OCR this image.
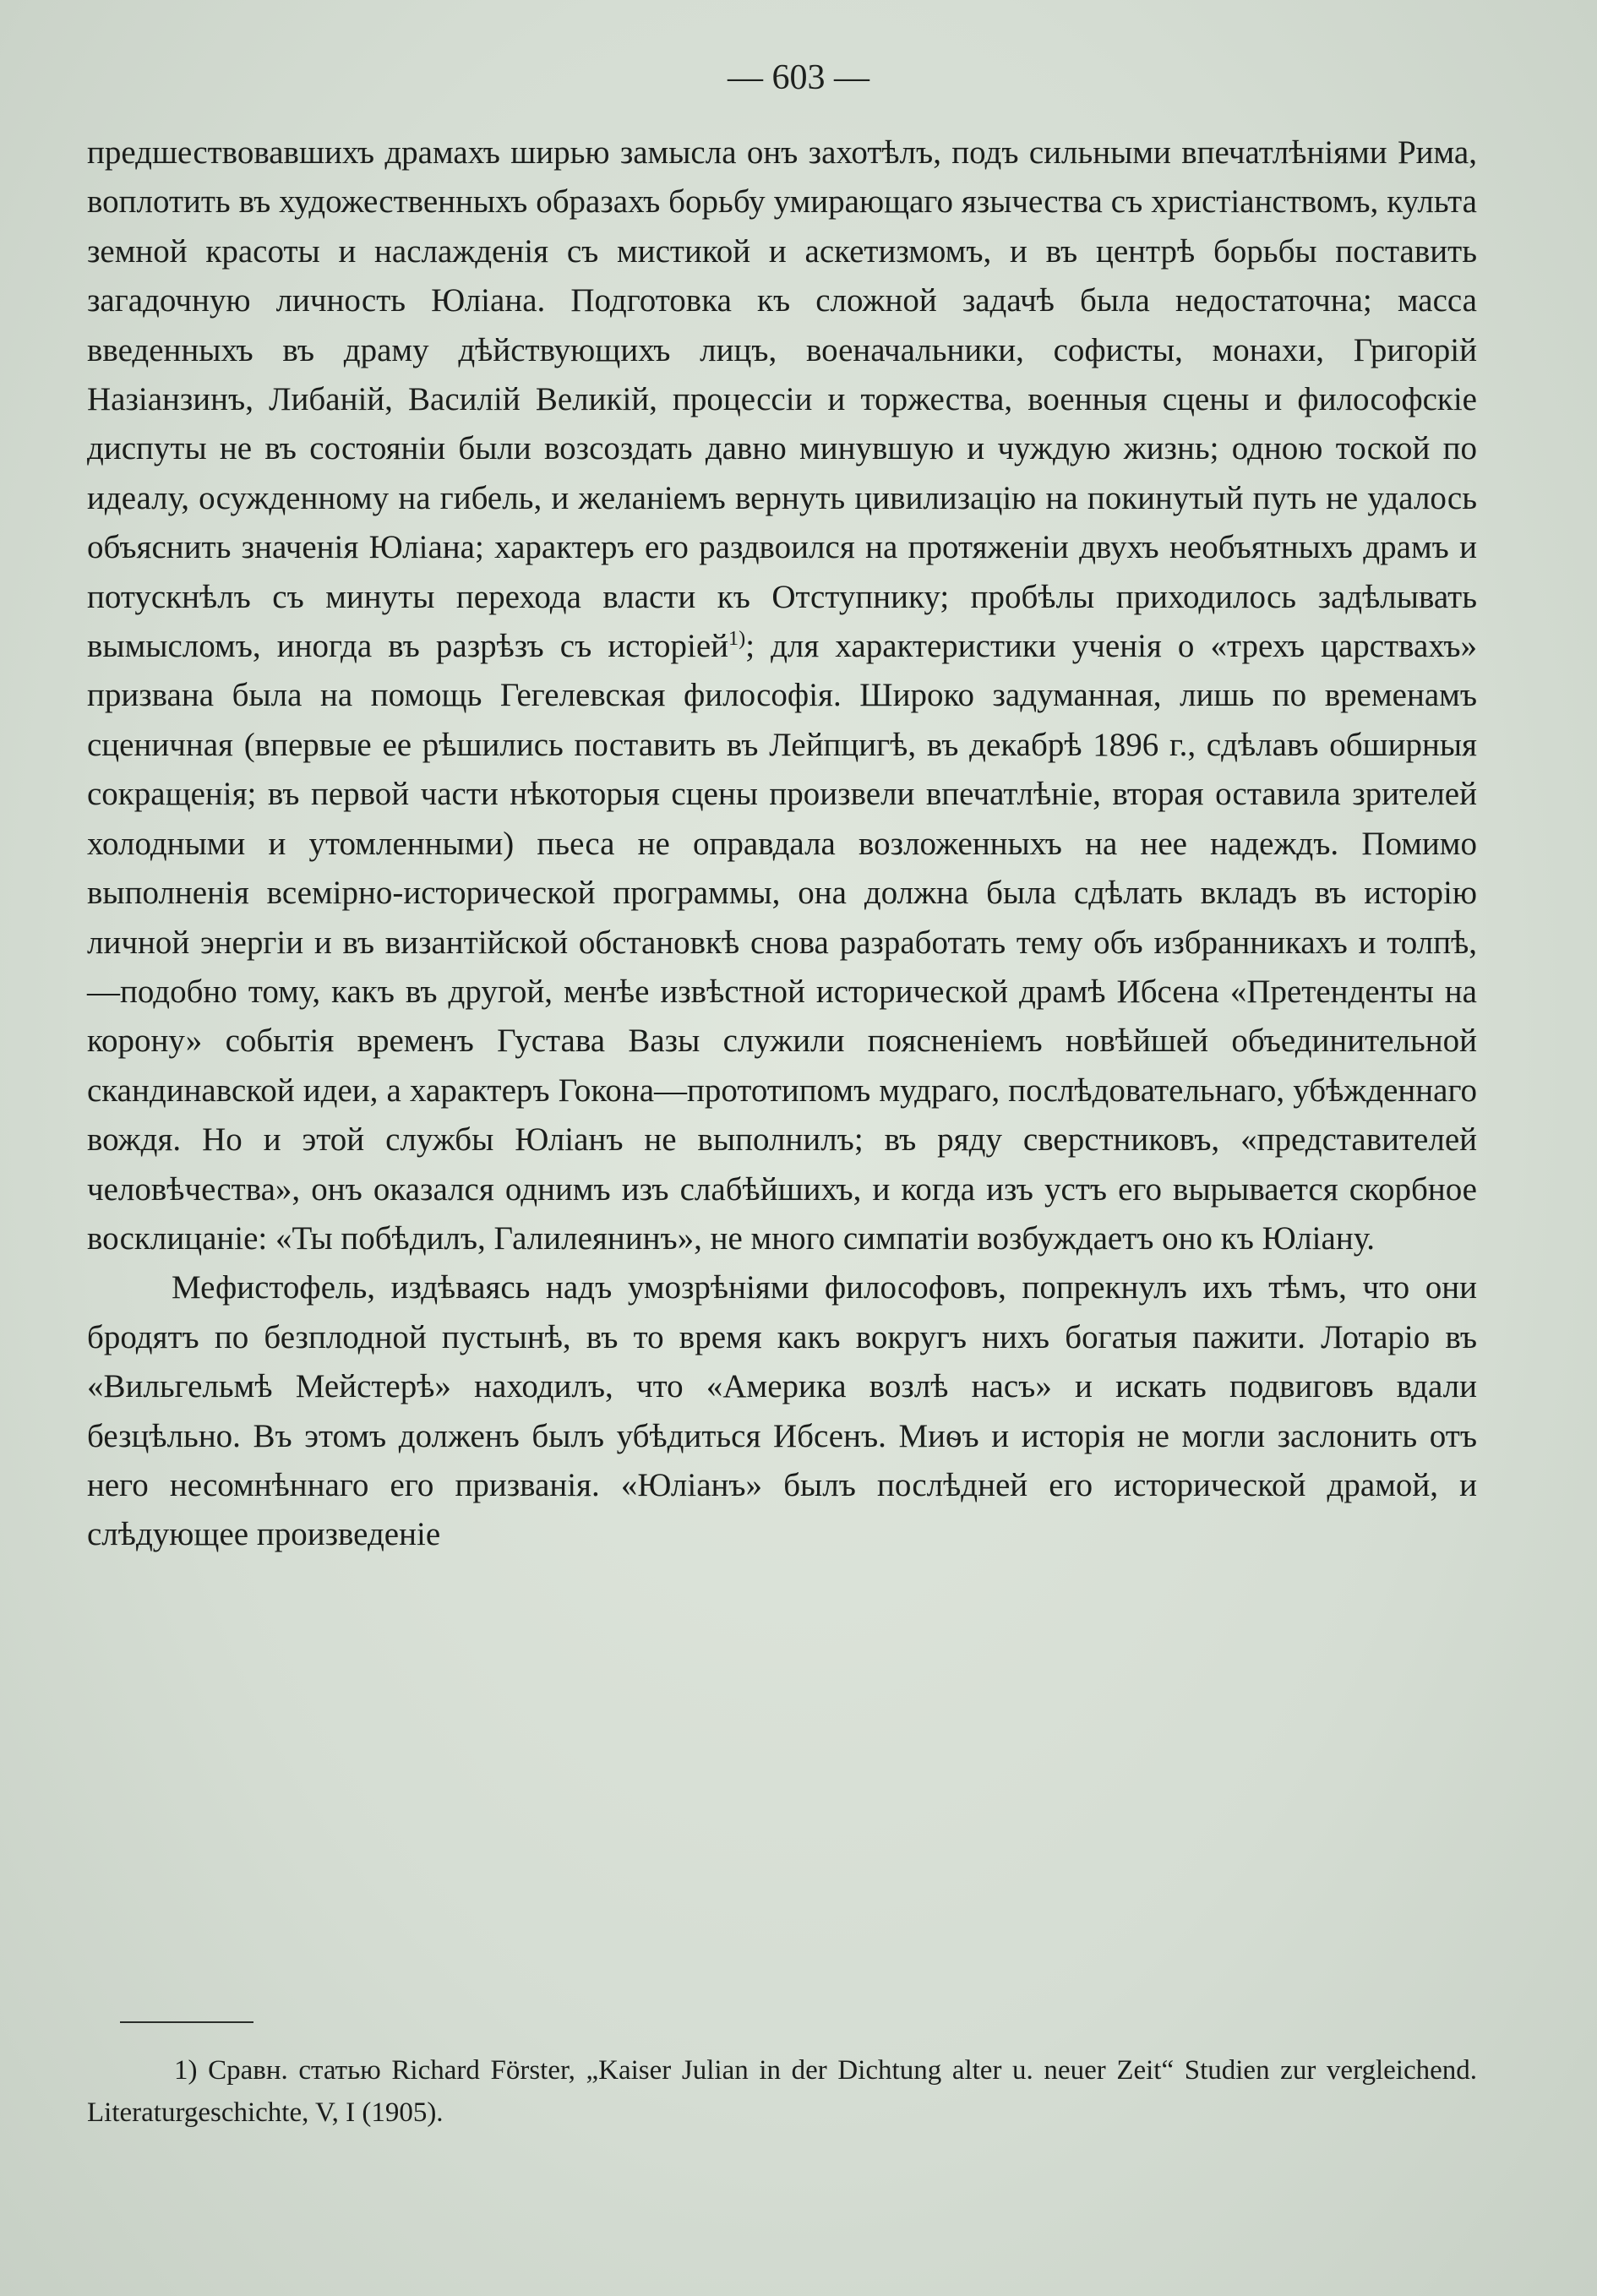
— 603 —

предшествовавшихъ драмахъ ширью замысла онъ захотѣлъ, подъ сильными впечатлѣніями Рима, воплотить въ художественныхъ образахъ борьбу умирающаго язычества съ христіанствомъ, культа земной красоты и наслажденія съ мистикой и аскетизмомъ, и въ центрѣ борьбы поставить загадочную личность Юліана. Подготовка къ сложной задачѣ была недостаточна; масса введенныхъ въ драму дѣйствующихъ лицъ, военачальники, софисты, монахи, Григорій Назіанзинъ, Либаній, Василій Великій, процессіи и торжества, военныя сцены и философскіе диспуты не въ состояніи были возсоздать давно минувшую и чуждую жизнь; одною тоской по идеалу, осужденному на гибель, и желаніемъ вернуть цивилизацію на покинутый путь не удалось объяснить значенія Юліана; характеръ его раздвоился на протяженіи двухъ необъятныхъ драмъ и потускнѣлъ съ минуты перехода власти къ Отступнику; пробѣлы приходилось задѣлывать вымысломъ, иногда въ разрѣзъ съ исторіей$^{1)}$; для характеристики ученія о «трехъ царствахъ» призвана была на помощь Гегелевская философія. Широко задуманная, лишь по временамъ сценичная (впервые ее рѣшились поставить въ Лейпцигѣ, въ декабрѣ 1896 г., сдѣлавъ обширныя сокращенія; въ первой части нѣкоторыя сцены произвели впечатлѣніе, вторая оставила зрителей холодными и утомленными) пьеса не оправдала возложенныхъ на нее надеждъ. Помимо выполненія всемірно-исторической программы, она должна была сдѣлать вкладъ въ исторію личной энергіи и въ византійской обстановкѣ снова разработать тему объ избранникахъ и толпѣ,—подобно тому, какъ въ другой, менѣе извѣстной исторической драмѣ Ибсена «Претенденты на корону» событія временъ Густава Вазы служили поясненіемъ новѣйшей объединительной скандинавской идеи, а характеръ Гокона—прототипомъ мудраго, послѣдовательнаго, убѣжденнаго вождя. Но и этой службы Юліанъ не выполнилъ; въ ряду сверстниковъ, «представителей человѣчества», онъ оказался однимъ изъ слабѣйшихъ, и когда изъ устъ его вырывается скорбное восклицаніе: «Ты побѣдилъ, Галилеянинъ», не много симпатіи возбуждаетъ оно къ Юліану.

Мефистофель, издѣваясь надъ умозрѣніями философовъ, попрекнулъ ихъ тѣмъ, что они бродятъ по безплодной пустынѣ, въ то время какъ вокругъ нихъ богатыя пажити. Лотаріо въ «Вильгельмѣ Мейстерѣ» находилъ, что «Америка возлѣ насъ» и искать подвиговъ вдали безцѣльно. Въ этомъ долженъ былъ убѣдиться Ибсенъ. Миѳъ и исторія не могли заслонить отъ него несомнѣннаго его призванія. «Юліанъ» былъ послѣдней его исторической драмой, и слѣдующее произведеніе

1) Сравн. статью Richard Förster, „Kaiser Julian in der Dichtung alter u. neuer Zeit“ Studien zur vergleichend. Literaturgeschichte, V, I (1905).
